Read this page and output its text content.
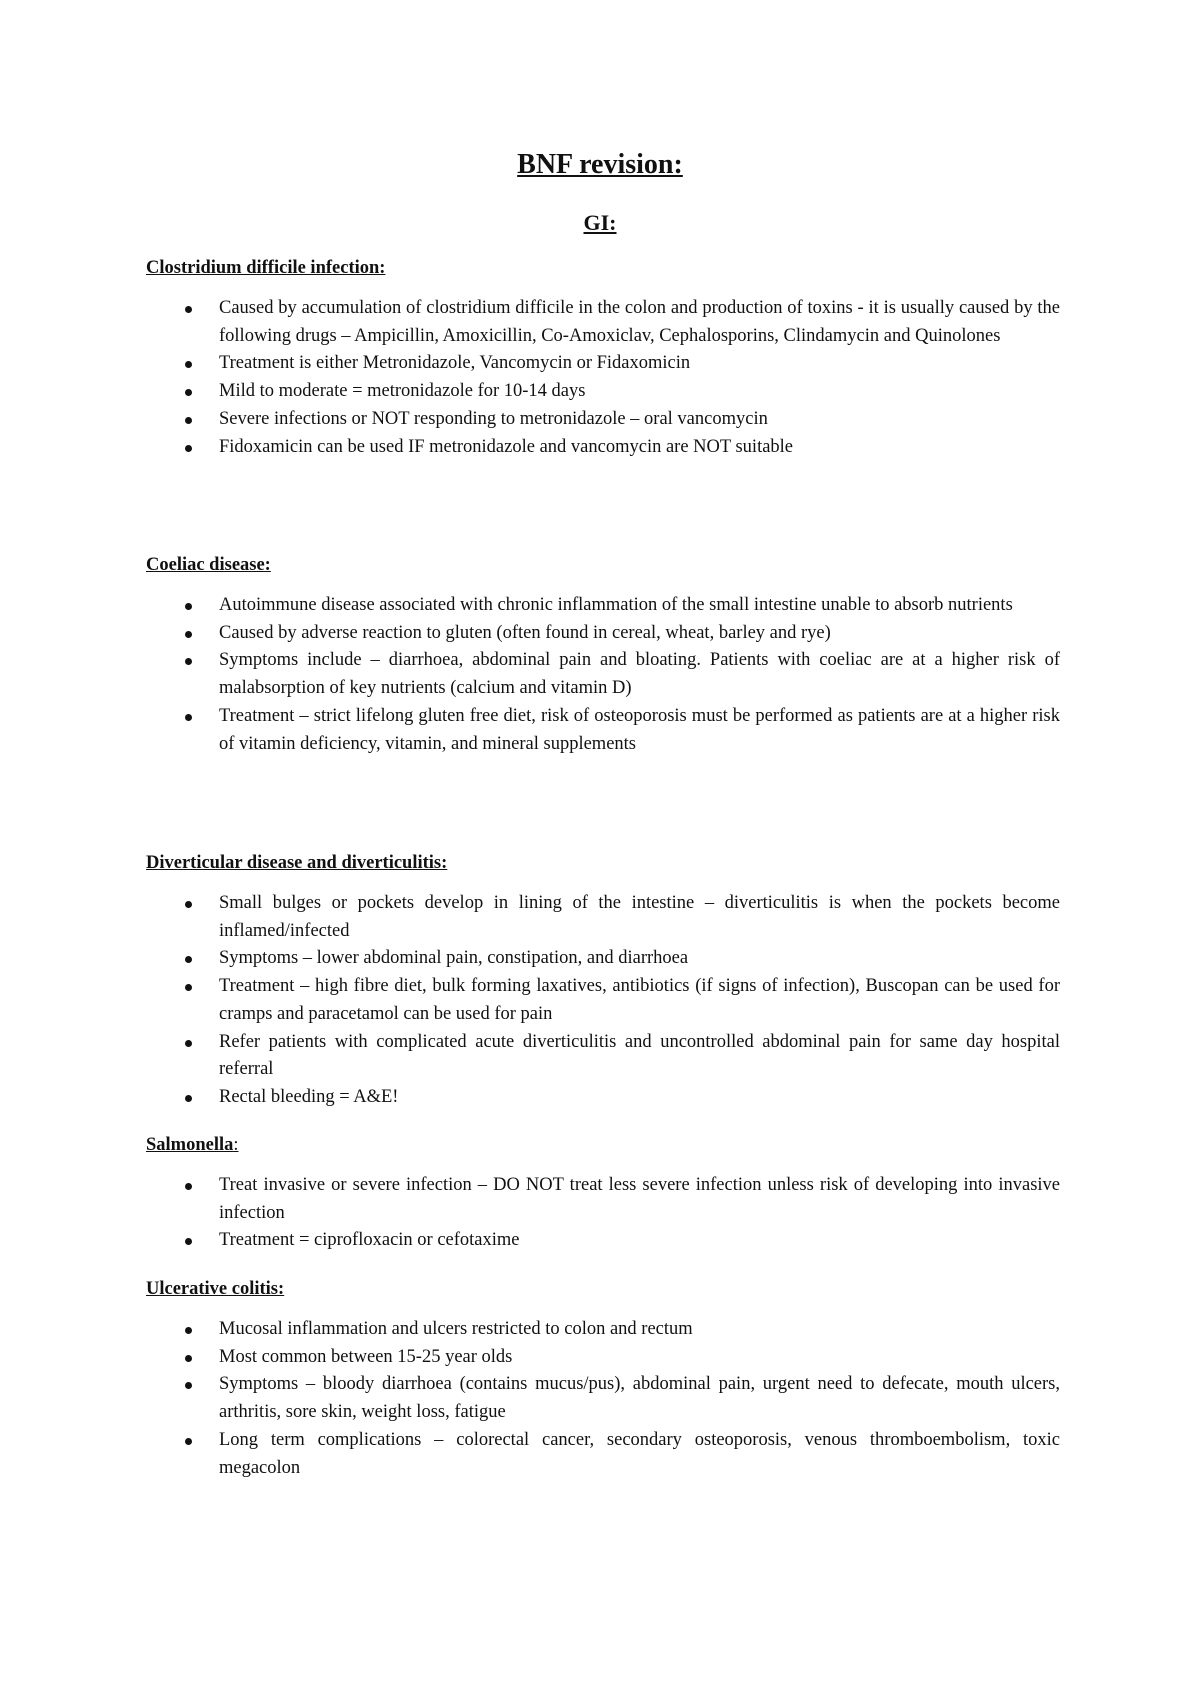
BNF revision:
GI:
Clostridium difficile infection:
Caused by accumulation of clostridium difficile in the colon and production of toxins - it is usually caused by the following drugs – Ampicillin, Amoxicillin, Co-Amoxiclav, Cephalosporins, Clindamycin and Quinolones
Treatment is either Metronidazole, Vancomycin or Fidaxomicin
Mild to moderate = metronidazole for 10-14 days
Severe infections or NOT responding to metronidazole – oral vancomycin
Fidoxamicin can be used IF metronidazole and vancomycin are NOT suitable
Coeliac disease:
Autoimmune disease associated with chronic inflammation of the small intestine unable to absorb nutrients
Caused by adverse reaction to gluten (often found in cereal, wheat, barley and rye)
Symptoms include – diarrhoea, abdominal pain and bloating. Patients with coeliac are at a higher risk of malabsorption of key nutrients (calcium and vitamin D)
Treatment – strict lifelong gluten free diet, risk of osteoporosis must be performed as patients are at a higher risk of vitamin deficiency, vitamin, and mineral supplements
Diverticular disease and diverticulitis:
Small bulges or pockets develop in lining of the intestine – diverticulitis is when the pockets become inflamed/infected
Symptoms – lower abdominal pain, constipation, and diarrhoea
Treatment – high fibre diet, bulk forming laxatives, antibiotics (if signs of infection), Buscopan can be used for cramps and paracetamol can be used for pain
Refer patients with complicated acute diverticulitis and uncontrolled abdominal pain for same day hospital referral
Rectal bleeding = A&E!
Salmonella:
Treat invasive or severe infection – DO NOT treat less severe infection unless risk of developing into invasive infection
Treatment = ciprofloxacin or cefotaxime
Ulcerative colitis:
Mucosal inflammation and ulcers restricted to colon and rectum
Most common between 15-25 year olds
Symptoms – bloody diarrhoea (contains mucus/pus), abdominal pain, urgent need to defecate, mouth ulcers, arthritis, sore skin, weight loss, fatigue
Long term complications – colorectal cancer, secondary osteoporosis, venous thromboembolism, toxic megacolon
